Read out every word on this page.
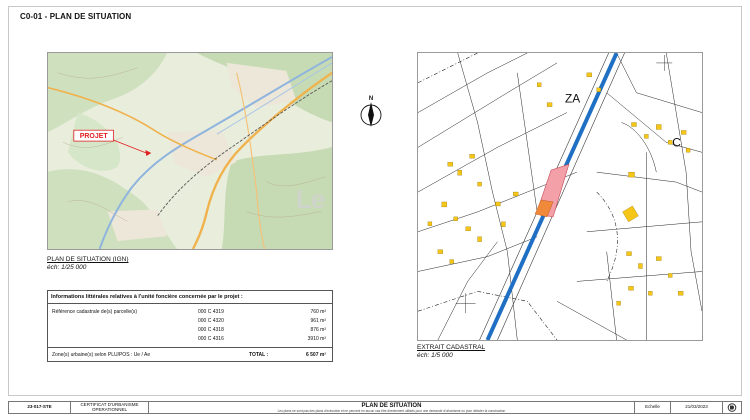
C0-01 - PLAN DE SITUATION
PROJET
PLAN DE SITUATION (IGN)
éch: 1/25 000
Le
N	ZA
C
EXTRAIT CADASTRAL
éch: 1/5 000
Informations littérales relatives à l'unité foncière concernée par le projet :
Référence cadastrale de(s) parcelle(s)	000 C 4319	760 m²
000 C 4320	961 m²
000 C 4318	876 m²
000 C 4316	3910 m²
Zone(s) urbaine(s) selon PLU/POS : Ue / Ae	TOTAL :	6 507 m²
23-017-STE	CERTIFICAT D'URBANISME OPERATIONNEL
PLAN DE SITUATION
Les plans ne sont pas des plans d'exécution et ne peuvent en aucun cas être directement utilisés pour une demande d'urbanisme ou pour débuter la construction
Echelle	21/03/2023
